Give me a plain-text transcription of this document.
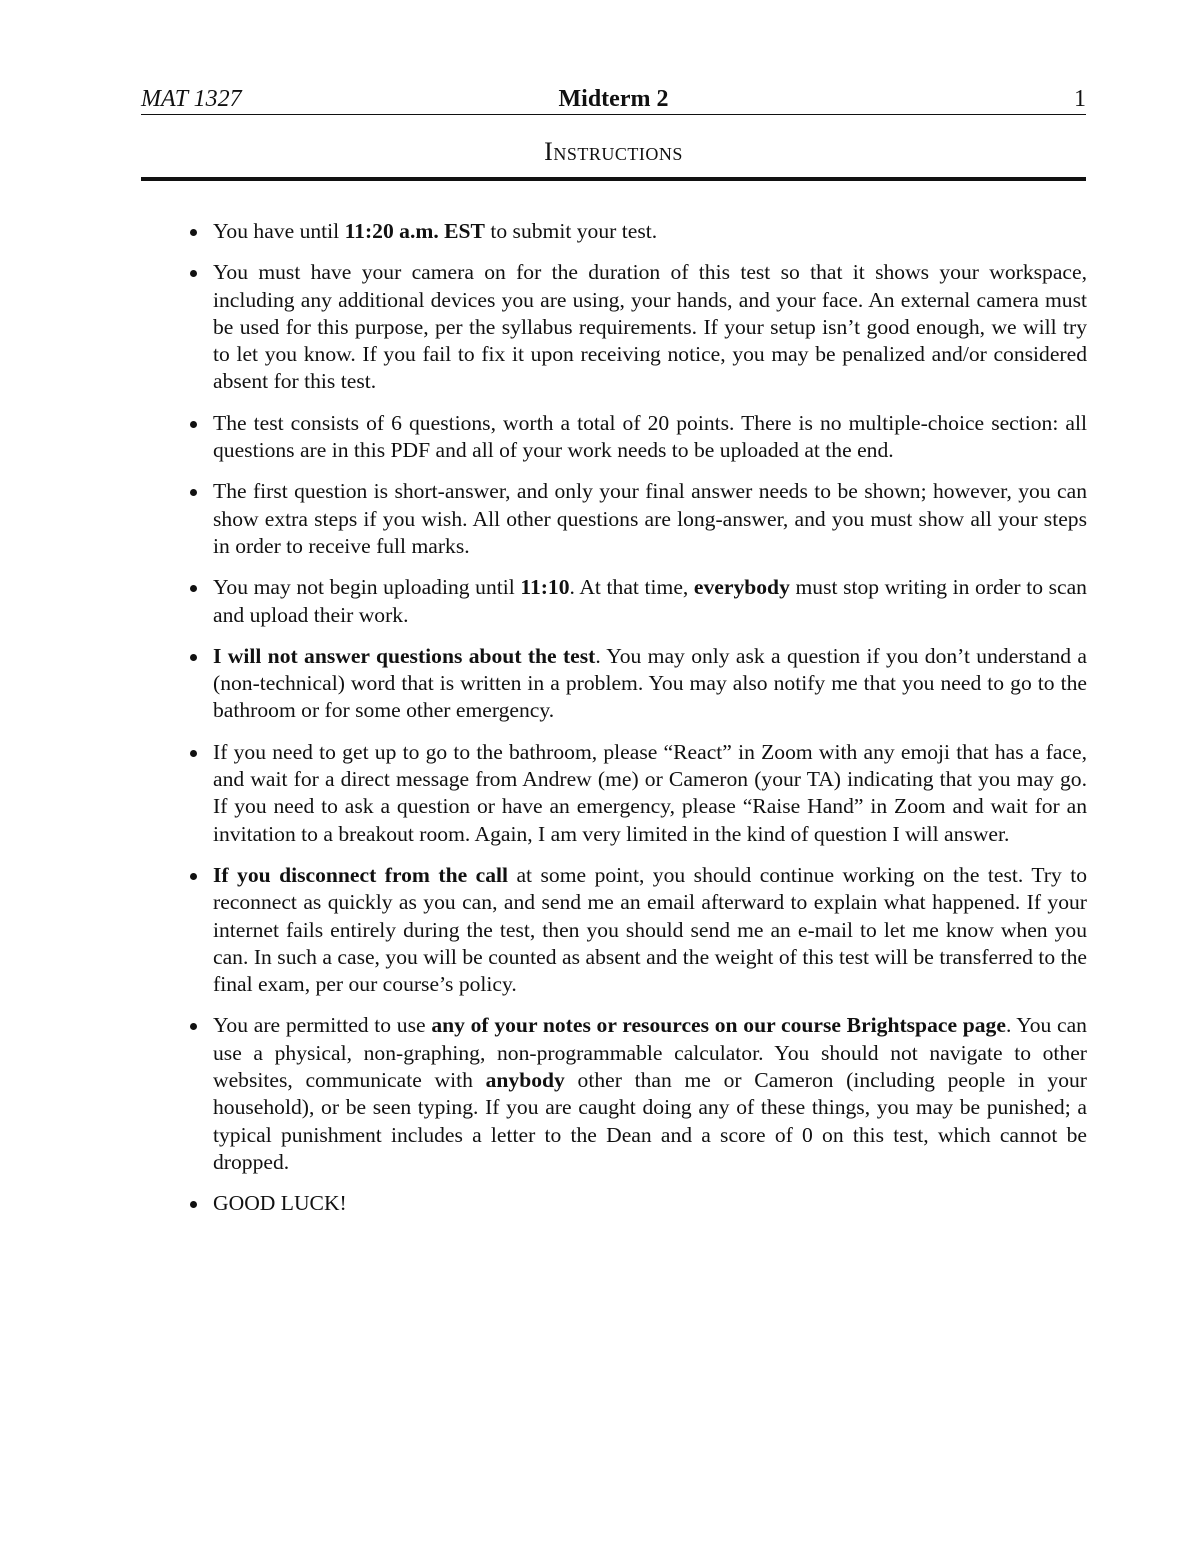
MAT 1327	Midterm 2	1
Instructions
You have until 11:20 a.m. EST to submit your test.
You must have your camera on for the duration of this test so that it shows your workspace, including any additional devices you are using, your hands, and your face. An external camera must be used for this purpose, per the syllabus requirements. If your setup isn’t good enough, we will try to let you know. If you fail to fix it upon receiving notice, you may be penalized and/or considered absent for this test.
The test consists of 6 questions, worth a total of 20 points. There is no multiple-choice section: all questions are in this PDF and all of your work needs to be uploaded at the end.
The first question is short-answer, and only your final answer needs to be shown; however, you can show extra steps if you wish. All other questions are long-answer, and you must show all your steps in order to receive full marks.
You may not begin uploading until 11:10. At that time, everybody must stop writing in order to scan and upload their work.
I will not answer questions about the test. You may only ask a question if you don’t understand a (non-technical) word that is written in a problem. You may also notify me that you need to go to the bathroom or for some other emergency.
If you need to get up to go to the bathroom, please “React” in Zoom with any emoji that has a face, and wait for a direct message from Andrew (me) or Cameron (your TA) indicating that you may go. If you need to ask a question or have an emergency, please “Raise Hand” in Zoom and wait for an invitation to a breakout room. Again, I am very limited in the kind of question I will answer.
If you disconnect from the call at some point, you should continue working on the test. Try to reconnect as quickly as you can, and send me an email afterward to explain what happened. If your internet fails entirely during the test, then you should send me an e-mail to let me know when you can. In such a case, you will be counted as absent and the weight of this test will be transferred to the final exam, per our course’s policy.
You are permitted to use any of your notes or resources on our course Brightspace page. You can use a physical, non-graphing, non-programmable calculator. You should not navigate to other websites, communicate with anybody other than me or Cameron (including people in your household), or be seen typing. If you are caught doing any of these things, you may be punished; a typical punishment includes a letter to the Dean and a score of 0 on this test, which cannot be dropped.
GOOD LUCK!
